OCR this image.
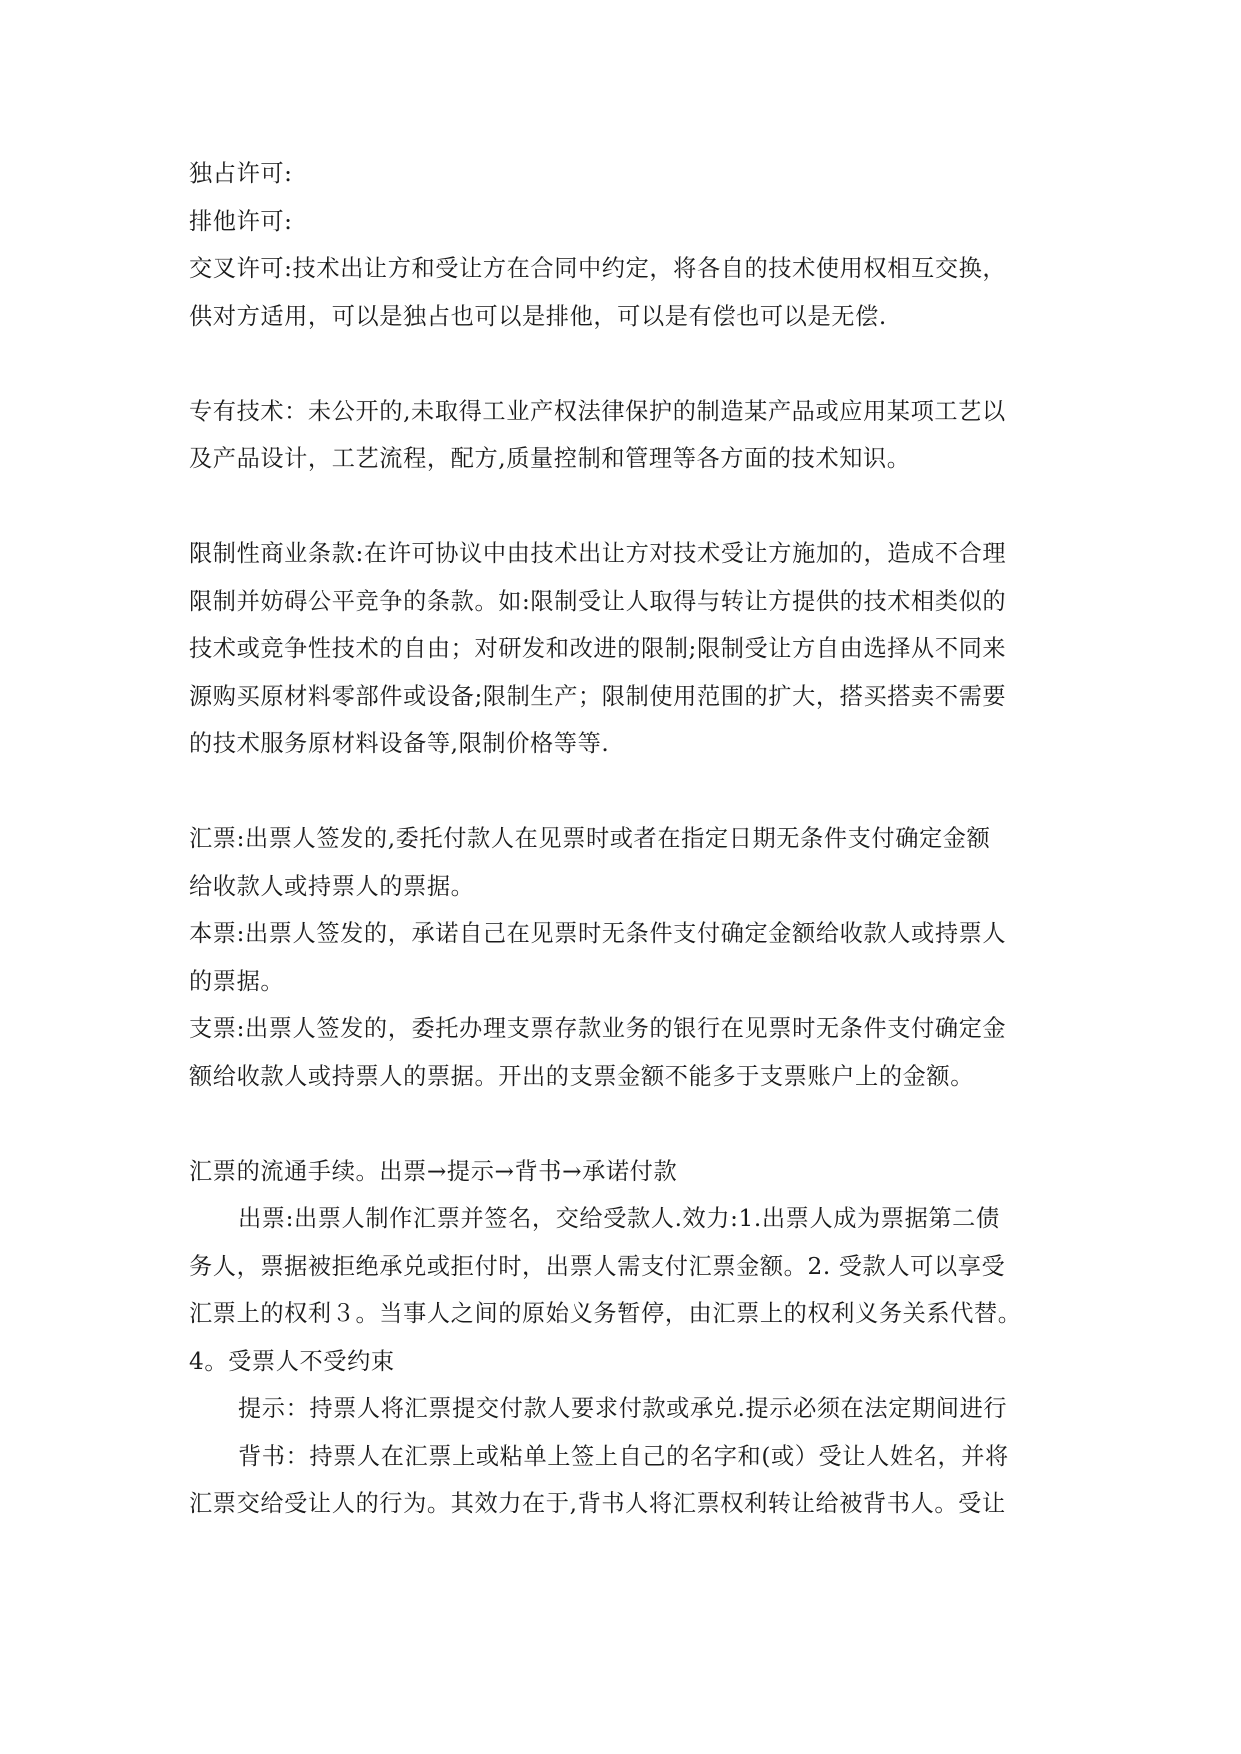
独占许可:
排他许可:
交叉许可:技术出让方和受让方在合同中约定，将各自的技术使用权相互交换，
供对方适用，可以是独占也可以是排他，可以是有偿也可以是无偿.
专有技术：未公开的,未取得工业产权法律保护的制造某产品或应用某项工艺以
及产品设计，工艺流程，配方,质量控制和管理等各方面的技术知识。
限制性商业条款:在许可协议中由技术出让方对技术受让方施加的，造成不合理
限制并妨碍公平竞争的条款。如:限制受让人取得与转让方提供的技术相类似的
技术或竞争性技术的自由；对研发和改进的限制;限制受让方自由选择从不同来
源购买原材料零部件或设备;限制生产；限制使用范围的扩大，搭买搭卖不需要
的技术服务原材料设备等,限制价格等等.
汇票:出票人签发的,委托付款人在见票时或者在指定日期无条件支付确定金额
给收款人或持票人的票据。
本票:出票人签发的，承诺自己在见票时无条件支付确定金额给收款人或持票人
的票据。
支票:出票人签发的，委托办理支票存款业务的银行在见票时无条件支付确定金
额给收款人或持票人的票据。开出的支票金额不能多于支票账户上的金额。
汇票的流通手续。出票→提示→背书→承诺付款
出票:出票人制作汇票并签名，交给受款人.效力:1.出票人成为票据第二债
务人，票据被拒绝承兑或拒付时，出票人需支付汇票金额。2. 受款人可以享受
汇票上的权利３。当事人之间的原始义务暂停，由汇票上的权利义务关系代替。
4。受票人不受约束
提示：持票人将汇票提交付款人要求付款或承兑.提示必须在法定期间进行
背书：持票人在汇票上或粘单上签上自己的名字和(或）受让人姓名，并将
汇票交给受让人的行为。其效力在于,背书人将汇票权利转让给被背书人。受让
